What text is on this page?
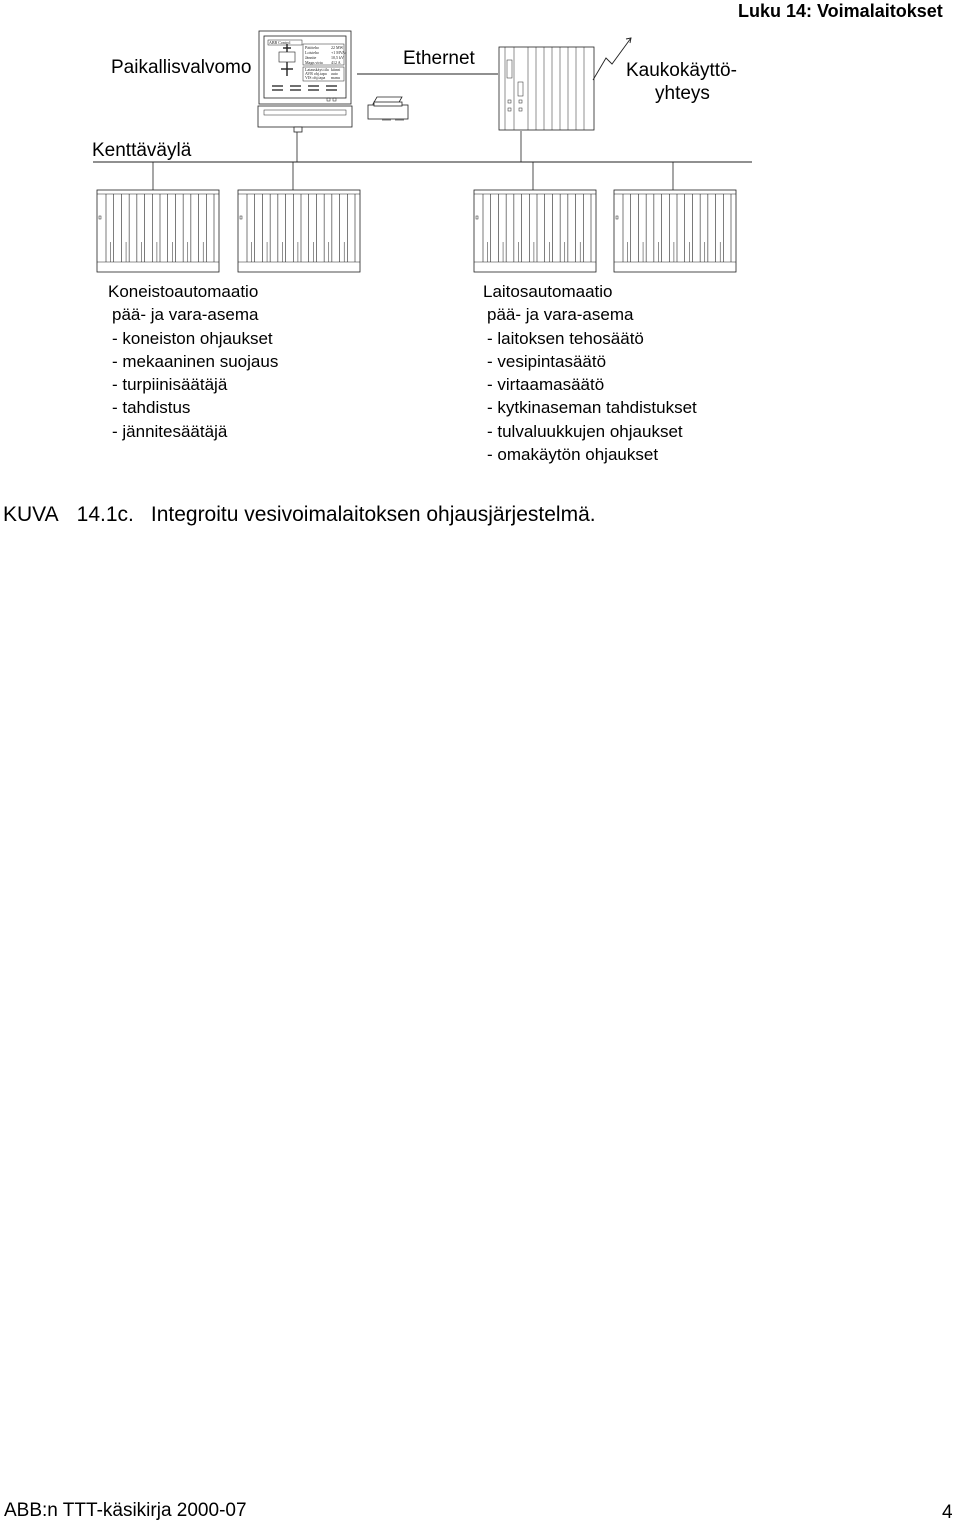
Luku 14: Voimalaitokset
ABB Control
Pätöteho
Loisteho
Jännite
Magn.virta
22 MW
+1 MVAr
10,5 kV
412 A
Latauskäyt.tila
AVR ohj.tapa
VIS ohj.tapa
kiinni
auto
manu
Paikallisvalvomo	Ethernet
Kaukokäyttö-
yhteys
Kenttäväylä
Koneistoautomaatio
pää- ja vara-asema
- koneiston ohjaukset
- mekaaninen suojaus
- turpiinisäätäjä
- tahdistus
- jännitesäätäjä
Laitosautomaatio
pää- ja vara-asema
- laitoksen tehosäätö
- vesipintasäätö
- virtaamasäätö
- kytkinaseman tahdistukset
- tulvaluukkujen ohjaukset
- omakäytön ohjaukset
KUVA 14.1c. Integroitu vesivoimalaitoksen ohjausjärjestelmä.
ABB:n TTT-käsikirja 2000-07	4
